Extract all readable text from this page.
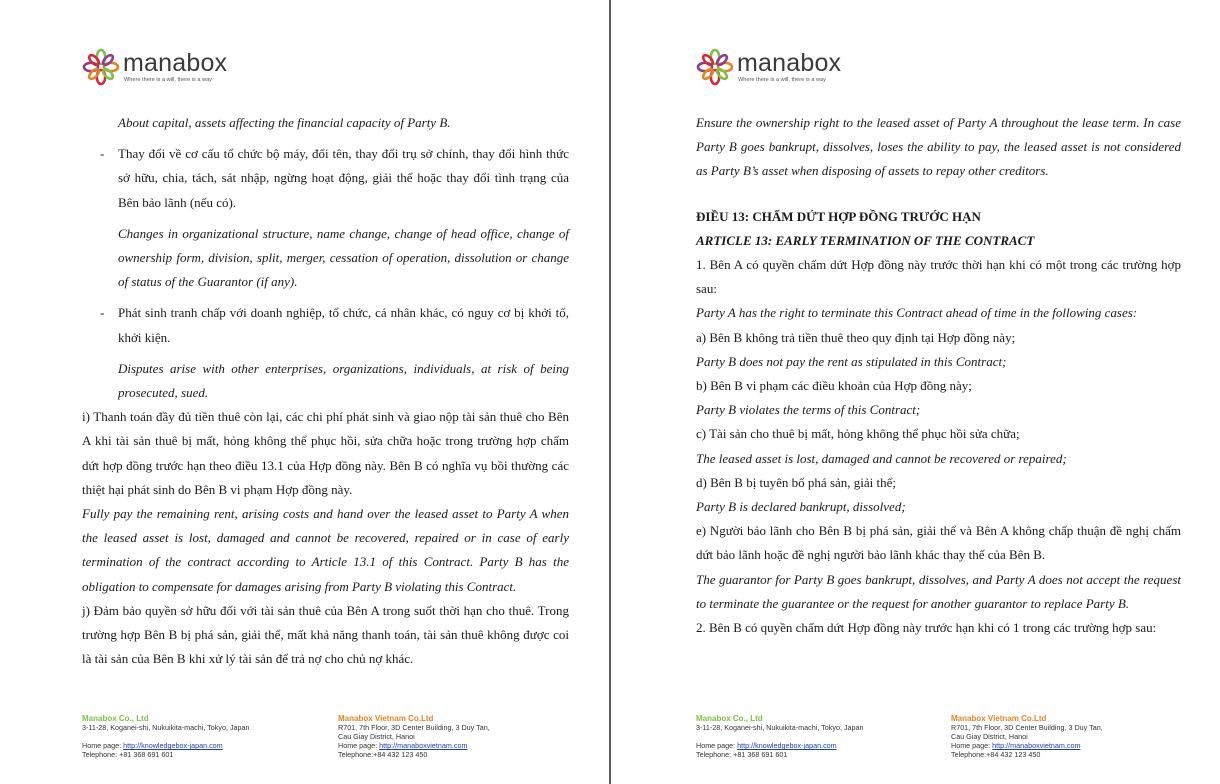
manabox
Where there is a will, there is a way

About capital, assets affecting the financial capacity of Party B.

- Thay đổi về cơ cấu tổ chức bộ máy, đổi tên, thay đổi trụ sở chính, thay đổi hình thức sở hữu, chia, tách, sát nhập, ngừng hoạt động, giải thể hoặc thay đổi tình trạng của Bên bảo lãnh (nếu có).

Changes in organizational structure, name change, change of head office, change of ownership form, division, split, merger, cessation of operation, dissolution or change of status of the Guarantor (if any).

- Phát sinh tranh chấp với doanh nghiệp, tổ chức, cá nhân khác, có nguy cơ bị khởi tố, khởi kiện.

Disputes arise with other enterprises, organizations, individuals, at risk of being prosecuted, sued.

i) Thanh toán đầy đủ tiền thuê còn lại, các chi phí phát sinh và giao nộp tài sản thuê cho Bên A khi tài sản thuê bị mất, hỏng không thể phục hồi, sửa chữa hoặc trong trường hợp chấm dứt hợp đồng trước hạn theo điều 13.1 của Hợp đồng này. Bên B có nghĩa vụ bồi thường các thiệt hại phát sinh do Bên B vi phạm Hợp đồng này.

Fully pay the remaining rent, arising costs and hand over the leased asset to Party A when the leased asset is lost, damaged and cannot be recovered, repaired or in case of early termination of the contract according to Article 13.1 of this Contract. Party B has the obligation to compensate for damages arising from Party B violating this Contract.

j) Đảm bảo quyền sở hữu đối với tài sản thuê của Bên A trong suốt thời hạn cho thuê. Trong trường hợp Bên B bị phá sản, giải thể, mất khả năng thanh toán, tài sản thuê không được coi là tài sản của Bên B khi xử lý tài sản để trả nợ cho chủ nợ khác.

Manabox Co., Ltd
3-11-28, Koganei-shi, Nukuikita-machi, Tokyo, Japan

Home page: http://knowledgebox-japan.com
Telephone: +81 368 691 601
Manabox Vietnam Co.Ltd
R701, 7th Floor, 3D Center Building, 3 Duy Tan,
Cau Giay District, Hanoi
Home page: http://manaboxvietnam.com
Telephone:+84 432 123 450
manabox
Where there is a will, there is a way

Ensure the ownership right to the leased asset of Party A throughout the lease term. In case Party B goes bankrupt, dissolves, loses the ability to pay, the leased asset is not considered as Party B’s asset when disposing of assets to repay other creditors.

ĐIỀU 13: CHẤM DỨT HỢP ĐỒNG TRƯỚC HẠN

ARTICLE 13: EARLY TERMINATION OF THE CONTRACT

1. Bên A có quyền chấm dứt Hợp đồng này trước thời hạn khi có một trong các trường hợp sau:

Party A has the right to terminate this Contract ahead of time in the following cases:

a) Bên B không trả tiền thuê theo quy định tại Hợp đồng này;

Party B does not pay the rent as stipulated in this Contract;

b) Bên B vi phạm các điều khoản của Hợp đồng này;

Party B violates the terms of this Contract;

c) Tài sản cho thuê bị mất, hỏng không thể phục hồi sửa chữa;

The leased asset is lost, damaged and cannot be recovered or repaired;

d) Bên B bị tuyên bố phá sản, giải thể;

Party B is declared bankrupt, dissolved;

e) Người bảo lãnh cho Bên B bị phá sản, giải thể và Bên A không chấp thuận đề nghị chấm dứt bảo lãnh hoặc đề nghị người bảo lãnh khác thay thế của Bên B.

The guarantor for Party B goes bankrupt, dissolves, and Party A does not accept the request to terminate the guarantee or the request for another guarantor to replace Party B.

2. Bên B có quyền chấm dứt Hợp đồng này trước hạn khi có 1 trong các trường hợp sau:

Manabox Co., Ltd
3-11-28, Koganei-shi, Nukuikita-machi, Tokyo, Japan

Home page: http://knowledgebox-japan.com
Telephone: +81 368 691 601
Manabox Vietnam Co.Ltd
R701, 7th Floor, 3D Center Building, 3 Duy Tan,
Cau Giay District, Hanoi
Home page: http://manaboxvietnam.com
Telephone:+84 432 123 450
